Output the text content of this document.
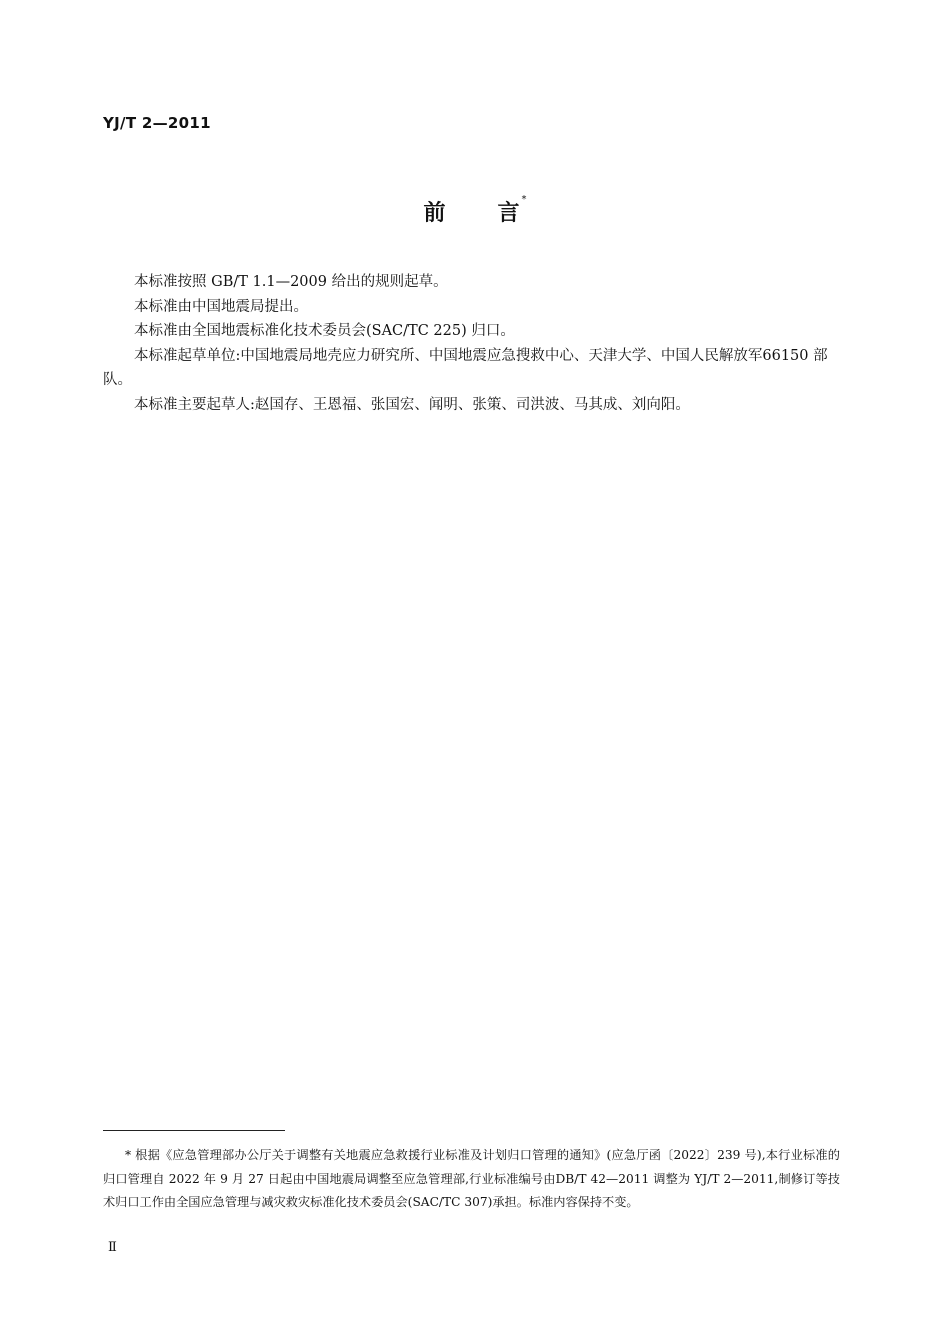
YJ/T 2—2011
前 言*

本标准按照 GB/T 1.1—2009 给出的规则起草。

本标准由中国地震局提出。

本标准由全国地震标准化技术委员会(SAC/TC 225) 归口。

本标准起草单位:中国地震局地壳应力研究所、中国地震应急搜救中心、天津大学、中国人民解放军66150 部队。

本标准主要起草人:赵国存、王恩福、张国宏、闻明、张策、司洪波、马其成、刘向阳。

* 根据《应急管理部办公厅关于调整有关地震应急救援行业标准及计划归口管理的通知》(应急厅函〔2022〕239 号),本行业标准的归口管理自 2022 年 9 月 27 日起由中国地震局调整至应急管理部,行业标准编号由DB/T 42—2011 调整为 YJ/T 2—2011,制修订等技术归口工作由全国应急管理与减灾救灾标准化技术委员会(SAC/TC 307)承担。标准内容保持不变。

Ⅱ
